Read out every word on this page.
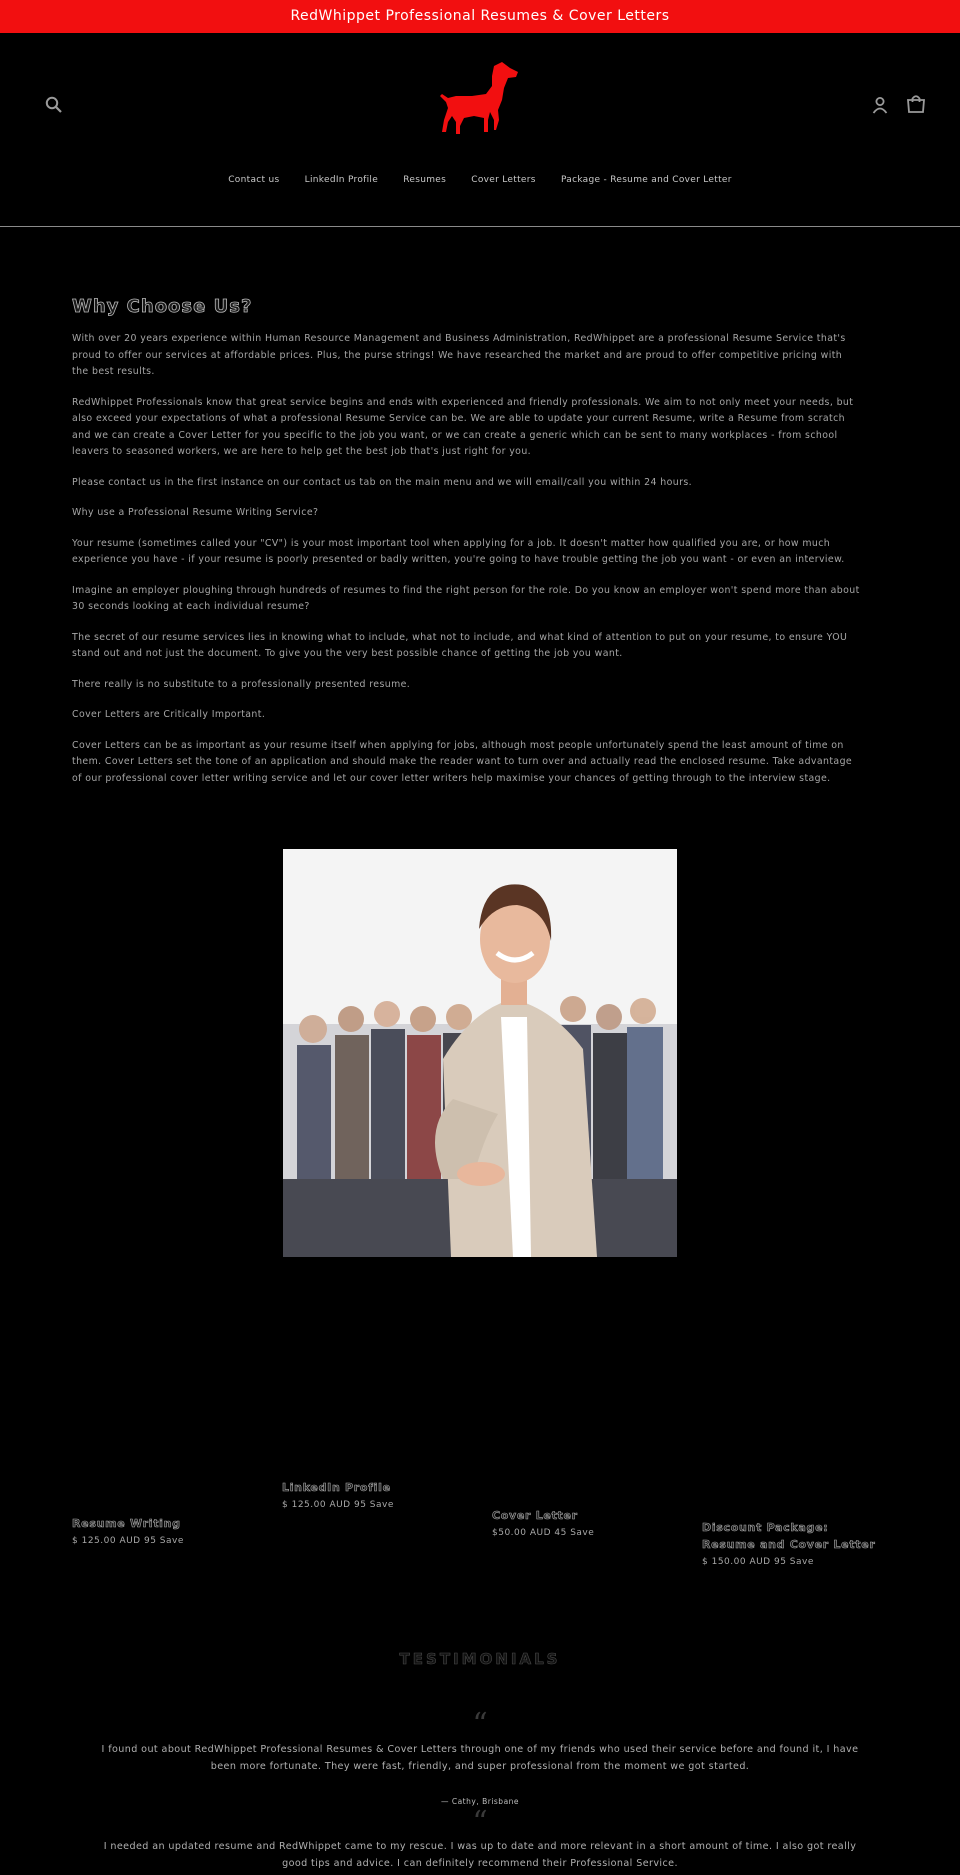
RedWhippet Professional Resumes & Cover Letters
Contact us	LinkedIn Profile	Resumes	Cover Letters	Package - Resume and Cover Letter
Why Choose Us?

With over 20 years experience within Human Resource Management and Business Administration, RedWhippet are a professional Resume Service that's proud to offer our services at affordable prices. Plus, the purse strings! We have researched the market and are proud to offer competitive pricing with the best results.

RedWhippet Professionals know that great service begins and ends with experienced and friendly professionals. We aim to not only meet your needs, but also exceed your expectations of what a professional Resume Service can be. We are able to update your current Resume, write a Resume from scratch and we can create a Cover Letter for you specific to the job you want, or we can create a generic which can be sent to many workplaces - from school leavers to seasoned workers, we are here to help get the best job that's just right for you.

Please contact us in the first instance on our contact us tab on the main menu and we will email/call you within 24 hours.

Why use a Professional Resume Writing Service?

Your resume (sometimes called your "CV") is your most important tool when applying for a job. It doesn't matter how qualified you are, or how much experience you have - if your resume is poorly presented or badly written, you're going to have trouble getting the job you want - or even an interview.

Imagine an employer ploughing through hundreds of resumes to find the right person for the role. Do you know an employer won't spend more than about 30 seconds looking at each individual resume?

The secret of our resume services lies in knowing what to include, what not to include, and what kind of attention to put on your resume, to ensure YOU stand out and not just the document. To give you the very best possible chance of getting the job you want.

There really is no substitute to a professionally presented resume.

Cover Letters are Critically Important.

Cover Letters can be as important as your resume itself when applying for jobs, although most people unfortunately spend the least amount of time on them. Cover Letters set the tone of an application and should make the reader want to turn over and actually read the enclosed resume. Take advantage of our professional cover letter writing service and let our cover letter writers help maximise your chances of getting through to the interview stage.

Resume Writing
$ 125.00 AUD 95 Save
LinkedIn Profile
$ 125.00 AUD 95 Save
Cover Letter
$50.00 AUD 45 Save	Discount Package:
Resume and Cover Letter
$ 150.00 AUD 95 Save
TESTIMONIALS
“
I found out about RedWhippet Professional Resumes & Cover Letters through one of my friends who used their service before and found it, I have been more fortunate. They were fast, friendly, and super professional from the moment we got started.
— Cathy, Brisbane
“
I needed an updated resume and RedWhippet came to my rescue. I was up to date and more relevant in a short amount of time. I also got really good tips and advice. I can definitely recommend their Professional Service.
